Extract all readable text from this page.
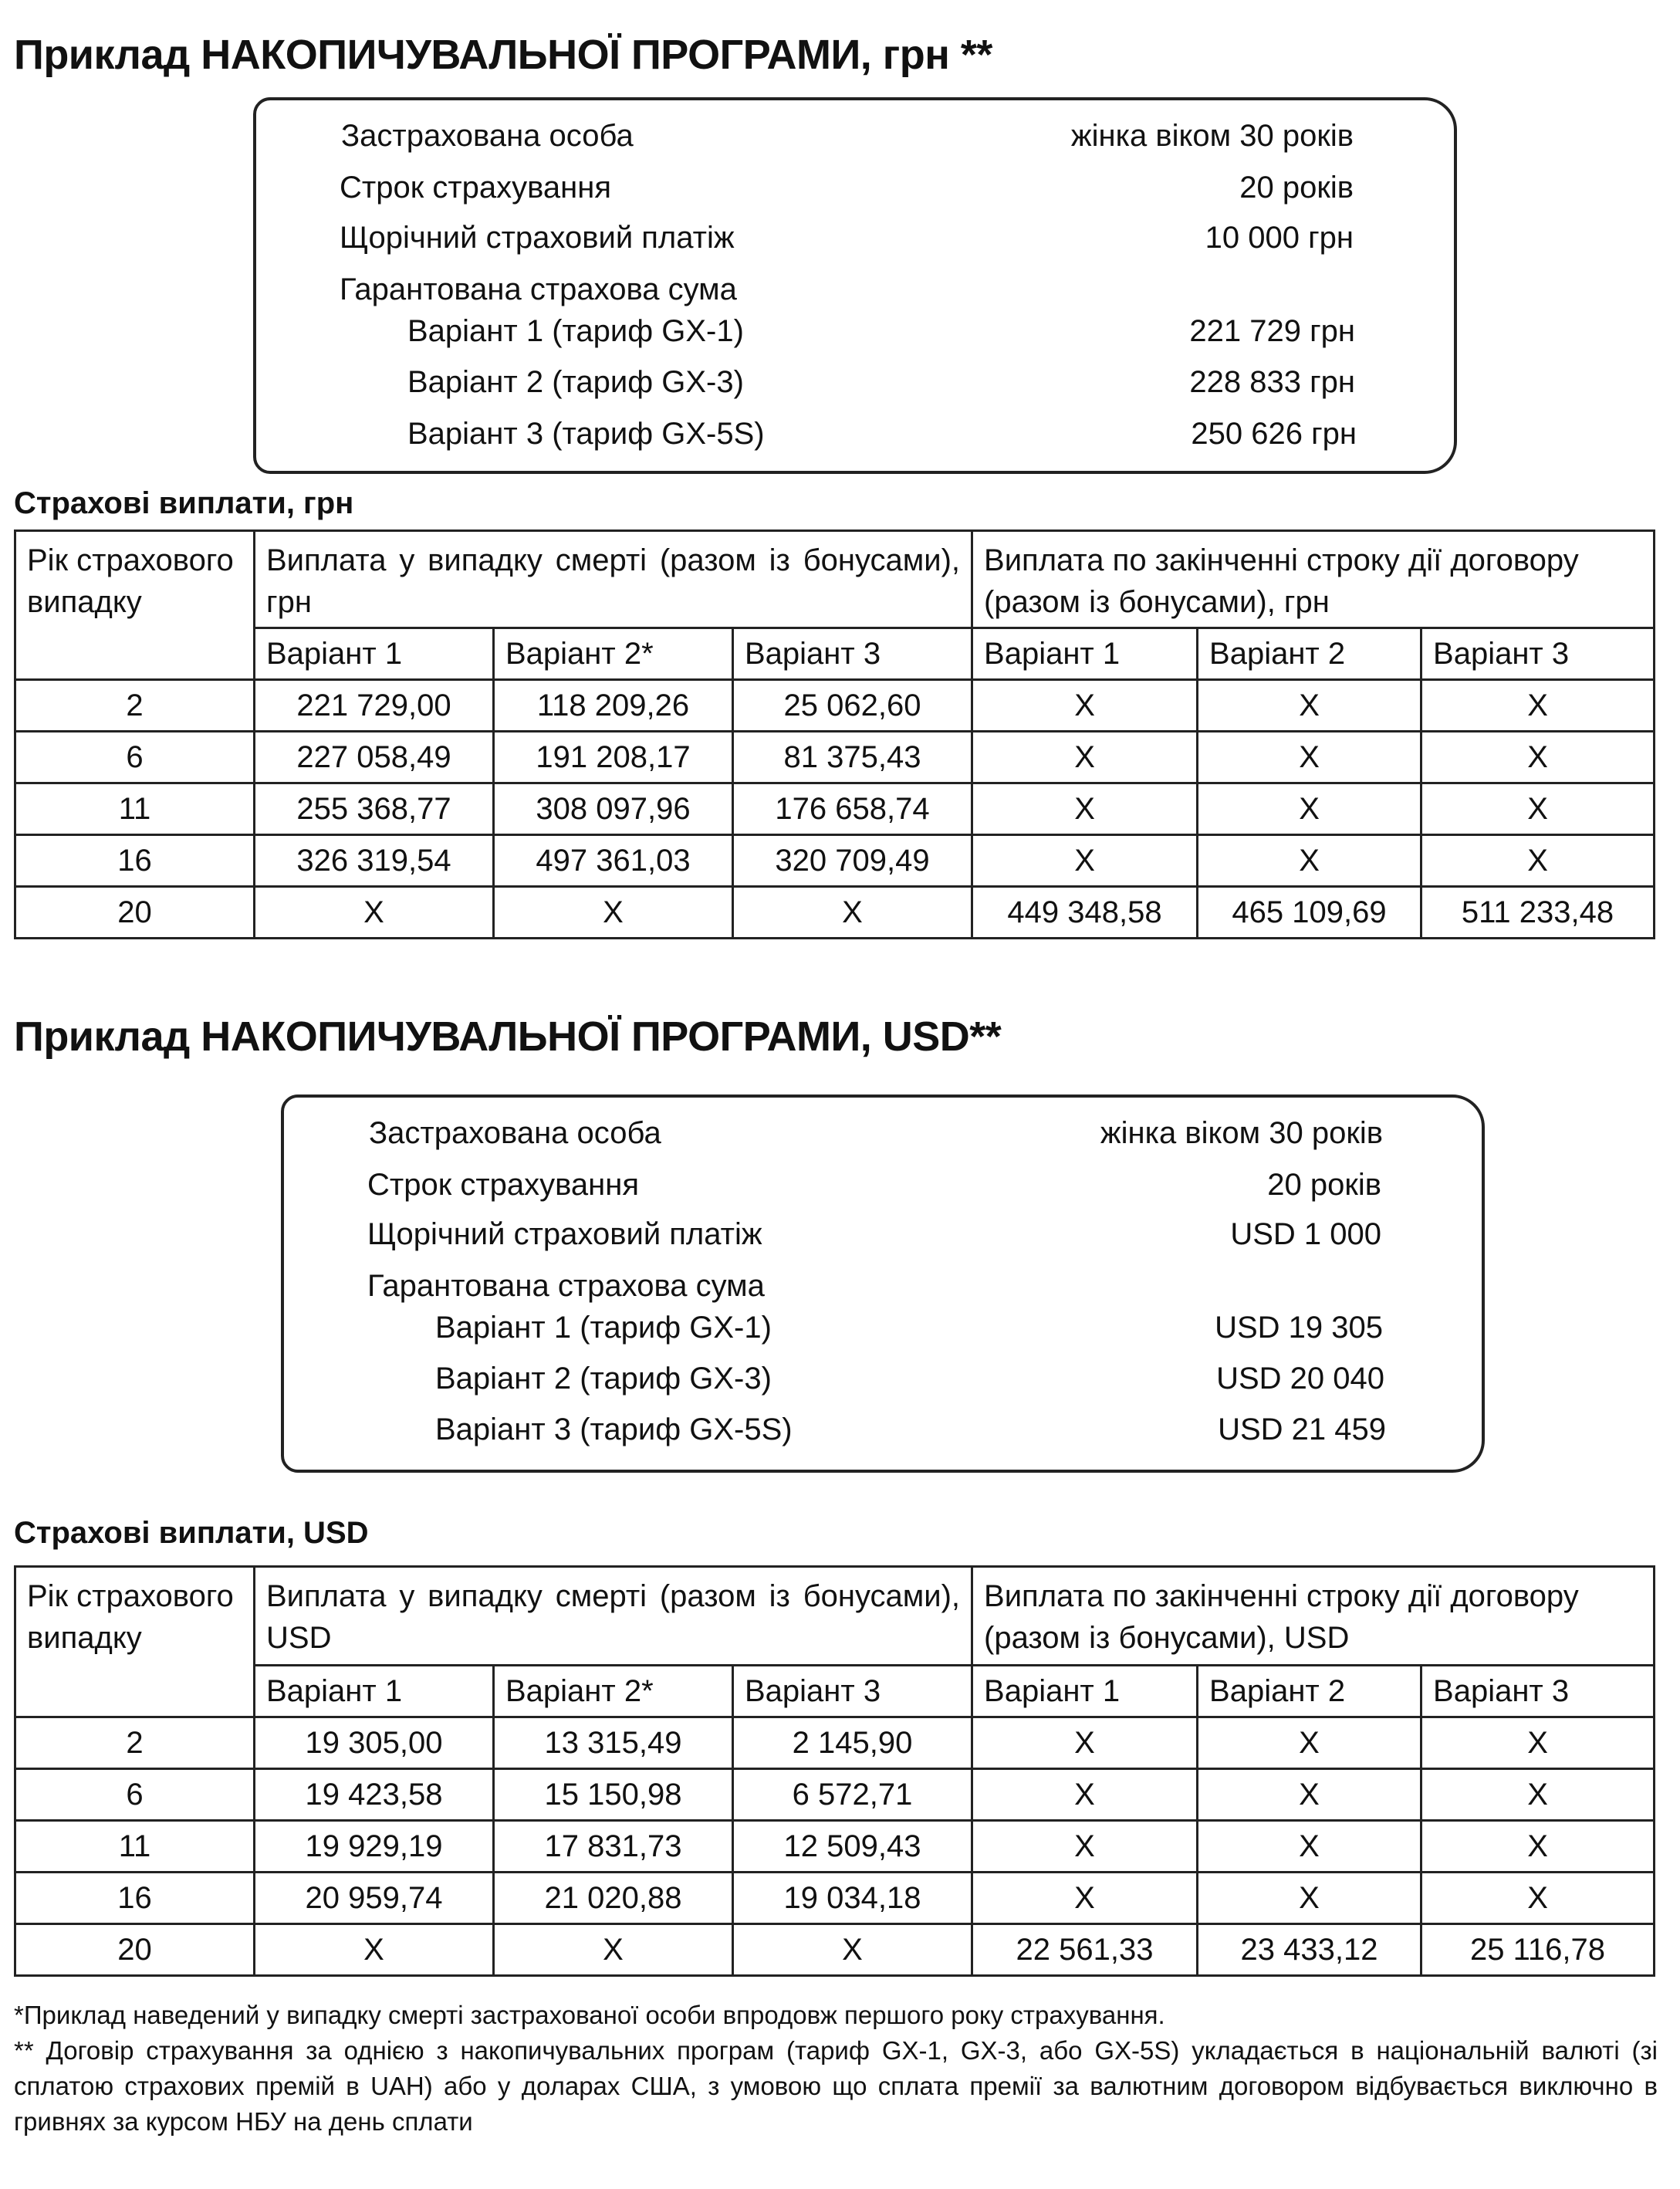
Приклад НАКОПИЧУВАЛЬНОЇ ПРОГРАМИ, грн **
Застрахована особа	жінка віком 30 років
Строк страхування	20 років
Щорічний страховий платіж	10 000 грн
Гарантована страхова сума
Варіант 1 (тариф GX-1)	221 729 грн
Варіант 2 (тариф GX-3)	228 833 грн
Варіант 3 (тариф GX-5S)	250 626 грн
Страхові виплати, грн
Рік страхового випадку	Виплата у випадку смерті (разом із бонусами), грн			Виплата по закінченні строку дії договору (разом із бонусами), грн		
	Варіант 1	Варіант 2*	Варіант 3	Варіант 1	Варіант 2	Варіант 3
2	221 729,00	118 209,26	25 062,60	X	X	X
6	227 058,49	191 208,17	81 375,43	X	X	X
11	255 368,77	308 097,96	176 658,74	X	X	X
16	326 319,54	497 361,03	320 709,49	X	X	X
20	X	X	X	449 348,58	465 109,69	511 233,48
Приклад НАКОПИЧУВАЛЬНОЇ ПРОГРАМИ, USD**
Застрахована особа	жінка віком 30 років
Строк страхування	20 років
Щорічний страховий платіж	USD 1 000
Гарантована страхова сума
Варіант 1 (тариф GX-1)	USD 19 305
Варіант 2 (тариф GX-3)	USD 20 040
Варіант 3 (тариф GX-5S)	USD 21 459
Страхові виплати, USD
Рік страхового випадку	Виплата у випадку смерті (разом із бонусами), USD			Виплата по закінченні строку дії договору (разом із бонусами), USD		
	Варіант 1	Варіант 2*	Варіант 3	Варіант 1	Варіант 2	Варіант 3
2	19 305,00	13 315,49	2 145,90	X	X	X
6	19 423,58	15 150,98	6 572,71	X	X	X
11	19 929,19	17 831,73	12 509,43	X	X	X
16	20 959,74	21 020,88	19 034,18	X	X	X
20	X	X	X	22 561,33	23 433,12	25 116,78

*Приклад наведений у випадку смерті застрахованої особи впродовж першого року страхування.

** Договір страхування за однією з накопичувальних програм (тариф GX-1, GX-3, або GX-5S) укладається в національній валюті (зі сплатою страхових премій в UAH) або у доларах США, з умовою що сплата премії за валютним договором відбувається виключно в гривнях за курсом НБУ на день сплати
